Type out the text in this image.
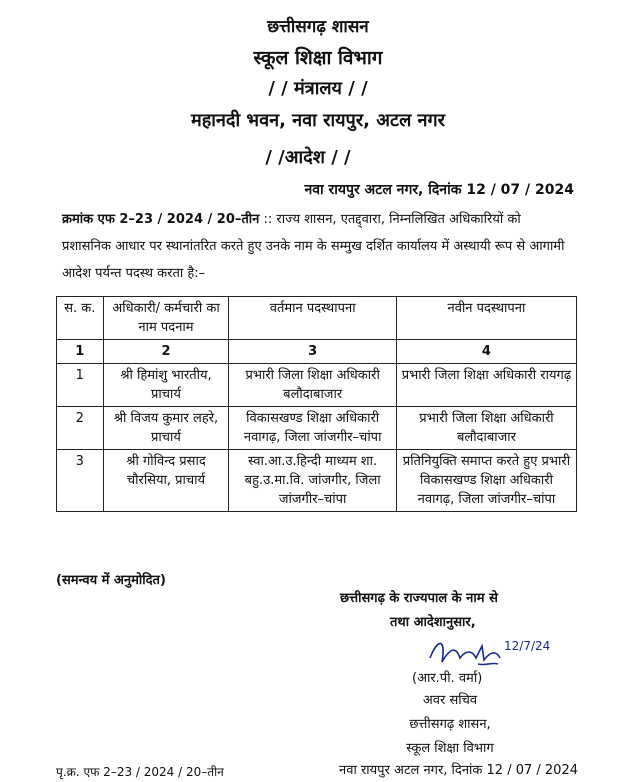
छत्तीसगढ़ शासन
स्कूल शिक्षा विभाग
/ / मंत्रालय / /
महानदी भवन, नवा रायपुर, अटल नगर
/ /आदेश / /
नवा रायपुर अटल नगर, दिनांक 12 / 07 / 2024
क्रमांक एफ 2–23 / 2024 / 20–तीन :: राज्य शासन, एतद्द्वारा, निम्नलिखित अधिकारियों को प्रशासनिक आधार पर स्थानांतरित करते हुए उनके नाम के सम्मुख दर्शित कार्यालय में अस्थायी रूप से आगामी आदेश पर्यन्त पदस्थ करता है:–
स. क.	अधिकारी/ कर्मचारी का नाम पदनाम	वर्तमान पदस्थापना	नवीन पदस्थापना
1	2	3	4
1	श्री हिमांशु भारतीय, प्राचार्य	प्रभारी जिला शिक्षा अधिकारी बलौदाबाजार	प्रभारी जिला शिक्षा अधिकारी रायगढ़
2	श्री विजय कुमार लहरे, प्राचार्य	विकासखण्ड शिक्षा अधिकारी नवागढ़, जिला जांजगीर–चांपा	प्रभारी जिला शिक्षा अधिकारी बलौदाबाजार
3	श्री गोविन्द प्रसाद चौरसिया, प्राचार्य	स्वा.आ.उ.हिन्दी माध्यम शा. बहु.उ.मा.वि. जांजगीर, जिला जांजगीर–चांपा	प्रतिनियुक्ति समाप्त करते हुए प्रभारी विकासखण्ड शिक्षा अधिकारी नवागढ़, जिला जांजगीर–चांपा
(समन्वय में अनुमोदित)
छत्तीसगढ़ के राज्यपाल के नाम से
तथा आदेशानुसार,
12/7/24
(आर.पी. वर्मा)
अवर सचिव
छत्तीसगढ़ शासन,
स्कूल शिक्षा विभाग
पृ.क्र. एफ 2–23 / 2024 / 20–तीन	नवा रायपुर अटल नगर, दिनांक 12 / 07 / 2024
